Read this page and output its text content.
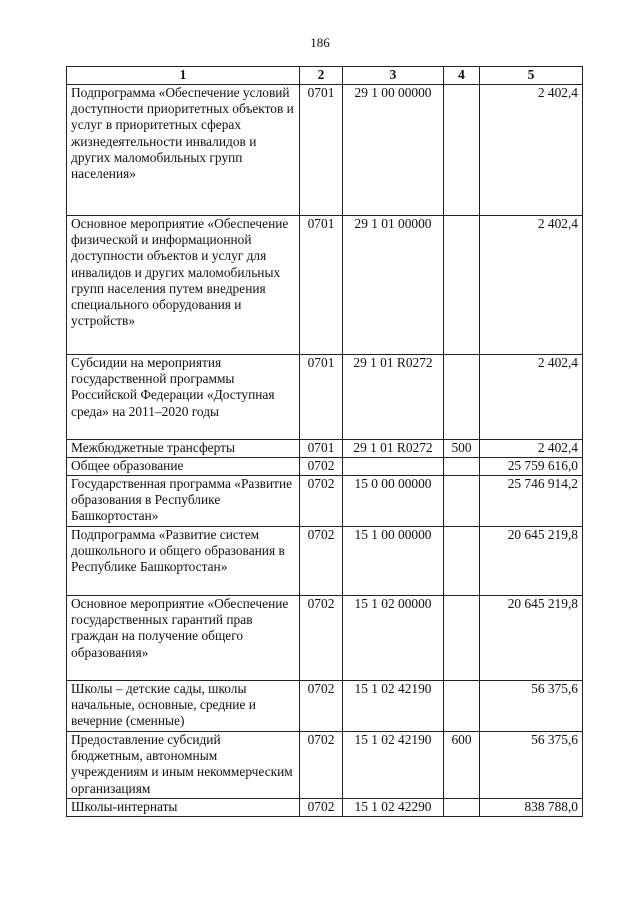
186
1	2	3	4	5
Подпрограмма «Обеспечение условий доступности приоритетных объектов и услуг в приоритетных сферах жизнедеятельности инвалидов и других маломобильных групп населения»	0701	29 1 00 00000		2 402,4
Основное мероприятие «Обеспечение физической и информационной доступности объектов и услуг для инвалидов и других маломобильных групп населения путем внедрения специального оборудования и устройств»	0701	29 1 01 00000		2 402,4
Субсидии на мероприятия государственной программы Российской Федерации «Доступная среда» на 2011–2020 годы	0701	29 1 01 R0272		2 402,4
Межбюджетные трансферты	0701	29 1 01 R0272	500	2 402,4
Общее образование	0702			25 759 616,0
Государственная программа «Развитие образования в Республике Башкортостан»	0702	15 0 00 00000		25 746 914,2
Подпрограмма «Развитие систем дошкольного и общего образования в Республике Башкортостан»	0702	15 1 00 00000		20 645 219,8
Основное мероприятие «Обеспечение государственных гарантий прав граждан на получение общего образования»	0702	15 1 02 00000		20 645 219,8
Школы – детские сады, школы начальные, основные, средние и вечерние (сменные)	0702	15 1 02 42190		56 375,6
Предоставление субсидий бюджетным, автономным учреждениям и иным некоммерческим организациям	0702	15 1 02 42190	600	56 375,6
Школы-интернаты	0702	15 1 02 42290		838 788,0
